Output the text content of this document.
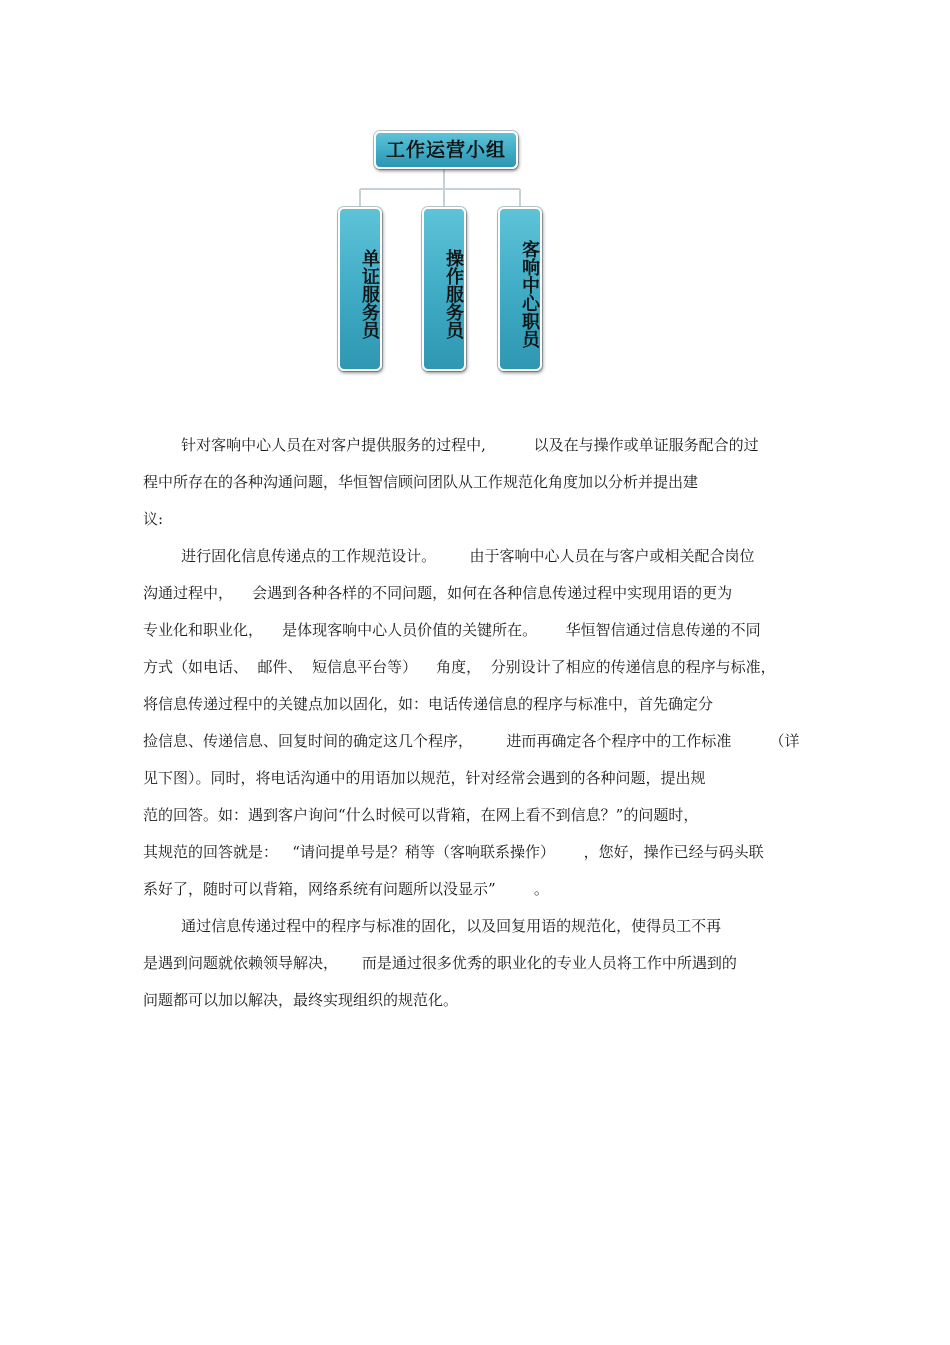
工作运营小组
单证服务员	操作服务员	客响中心职员
针对客响中心人员在对客户提供服务的过程中,          以及在与操作或单证服务配合的过
程中所存在的各种沟通问题，华恒智信顾问团队从工作规范化角度加以分析并提出建
议:
进行固化信息传递点的工作规范设计。       由于客响中心人员在与客户或相关配合岗位
沟通过程中，    会遇到各种各样的不同问题，如何在各种信息传递过程中实现用语的更为
专业化和职业化，    是体现客响中心人员价值的关键所在。      华恒智信通过信息传递的不同
方式（如电话、  邮件、  短信息平台等）    角度，  分别设计了相应的传递信息的程序与标准，
将信息传递过程中的关键点加以固化，如：电话传递信息的程序与标准中，首先确定分
捡信息、传递信息、回复时间的确定这几个程序，       进而再确定各个程序中的工作标准        （详
见下图）。同时，将电话沟通中的用语加以规范，针对经常会遇到的各种问题，提出规
范的回答。如：遇到客户询问“什么时候可以背箱，在网上看不到信息？”的问题时，
其规范的回答就是：   “请问提单号是？稍等（客响联系操作）      ，您好，操作已经与码头联
系好了，随时可以背箱，网络系统有问题所以没显示”        。
通过信息传递过程中的程序与标准的固化，以及回复用语的规范化，使得员工不再
是遇到问题就依赖领导解决，     而是通过很多优秀的职业化的专业人员将工作中所遇到的
问题都可以加以解决，最终实现组织的规范化。
